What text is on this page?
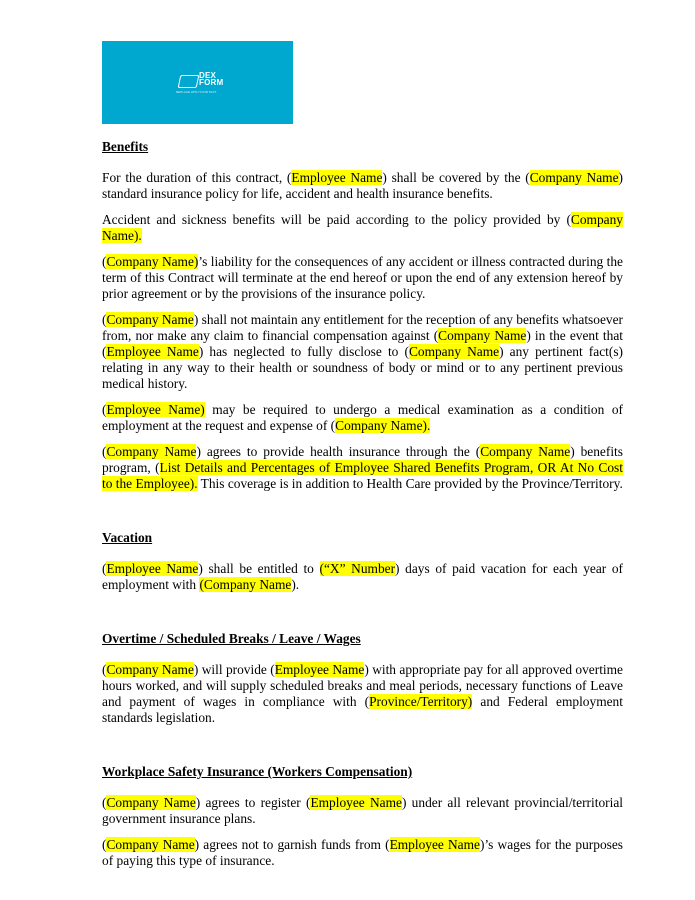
DEX
FORM
REPLACE WITH YOUR TEXT
Benefits

For the duration of this contract, (Employee Name) shall be covered by the (Company Name) standard insurance policy for life, accident and health insurance benefits.

Accident and sickness benefits will be paid according to the policy provided by (Company Name).

(Company Name)’s liability for the consequences of any accident or illness contracted during the term of this Contract will terminate at the end hereof or upon the end of any extension hereof by prior agreement or by the provisions of the insurance policy.

(Company Name) shall not maintain any entitlement for the reception of any benefits whatsoever from, nor make any claim to financial compensation against (Company Name) in the event that (Employee Name) has neglected to fully disclose to (Company Name) any pertinent fact(s) relating in any way to their health or soundness of body or mind or to any pertinent previous medical history.

(Employee Name) may be required to undergo a medical examination as a condition of employment at the request and expense of (Company Name).

(Company Name) agrees to provide health insurance through the (Company Name) benefits program, (List Details and Percentages of Employee Shared Benefits Program, OR At No Cost to the Employee). This coverage is in addition to Health Care provided by the Province/Territory.

Vacation

(Employee Name) shall be entitled to (“X” Number) days of paid vacation for each year of employment with (Company Name).

Overtime / Scheduled Breaks / Leave / Wages

(Company Name) will provide (Employee Name) with appropriate pay for all approved overtime hours worked, and will supply scheduled breaks and meal periods, necessary functions of Leave and payment of wages in compliance with (Province/Territory) and Federal employment standards legislation.

Workplace Safety Insurance (Workers Compensation)

(Company Name) agrees to register (Employee Name) under all relevant provincial/territorial government insurance plans.

(Company Name) agrees not to garnish funds from (Employee Name)’s wages for the purposes of paying this type of insurance.
